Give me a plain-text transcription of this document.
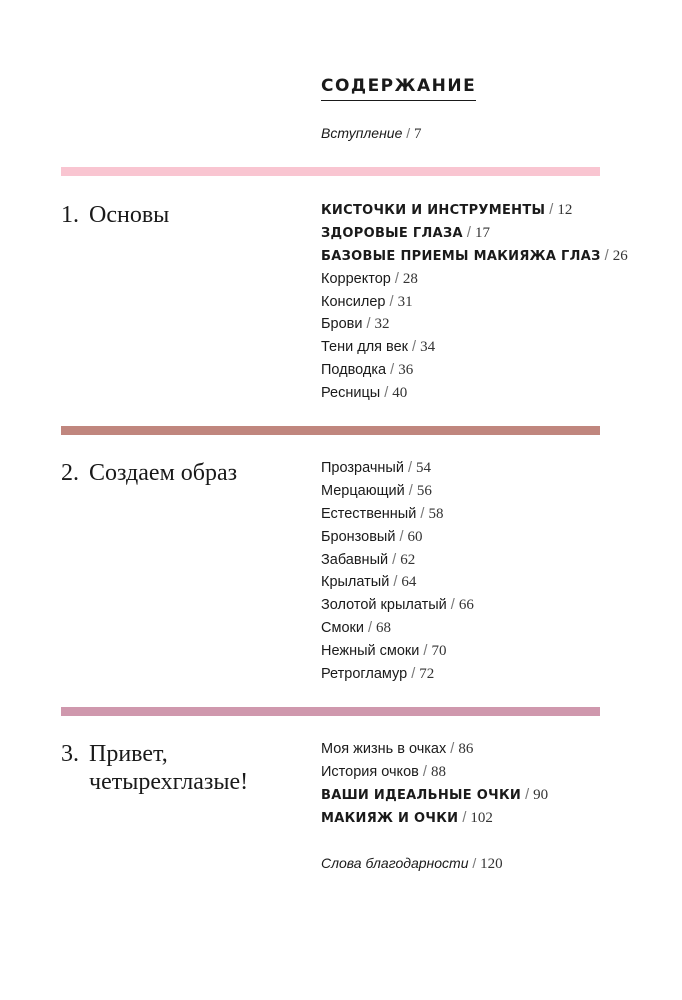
СОДЕРЖАНИЕ
Вступление / 7
1. Основы	КИСТОЧКИ И ИНСТРУМЕНТЫ / 12
ЗДОРОВЫЕ ГЛАЗА / 17
БАЗОВЫЕ ПРИЕМЫ МАКИЯЖА ГЛАЗ / 26
Корректор / 28
Консилер / 31
Брови / 32
Тени для век / 34
Подводка / 36
Ресницы / 40
2. Создаем образ	Прозрачный / 54
Мерцающий / 56
Естественный / 58
Бронзовый / 60
Забавный / 62
Крылатый / 64
Золотой крылатый / 66
Смоки / 68
Нежный смоки / 70
Ретрогламур / 72
3. Привет,
четырехглазые!
Моя жизнь в очках / 86
История очков / 88
ВАШИ ИДЕАЛЬНЫЕ ОЧКИ / 90
МАКИЯЖ И ОЧКИ / 102
Слова благодарности / 120
